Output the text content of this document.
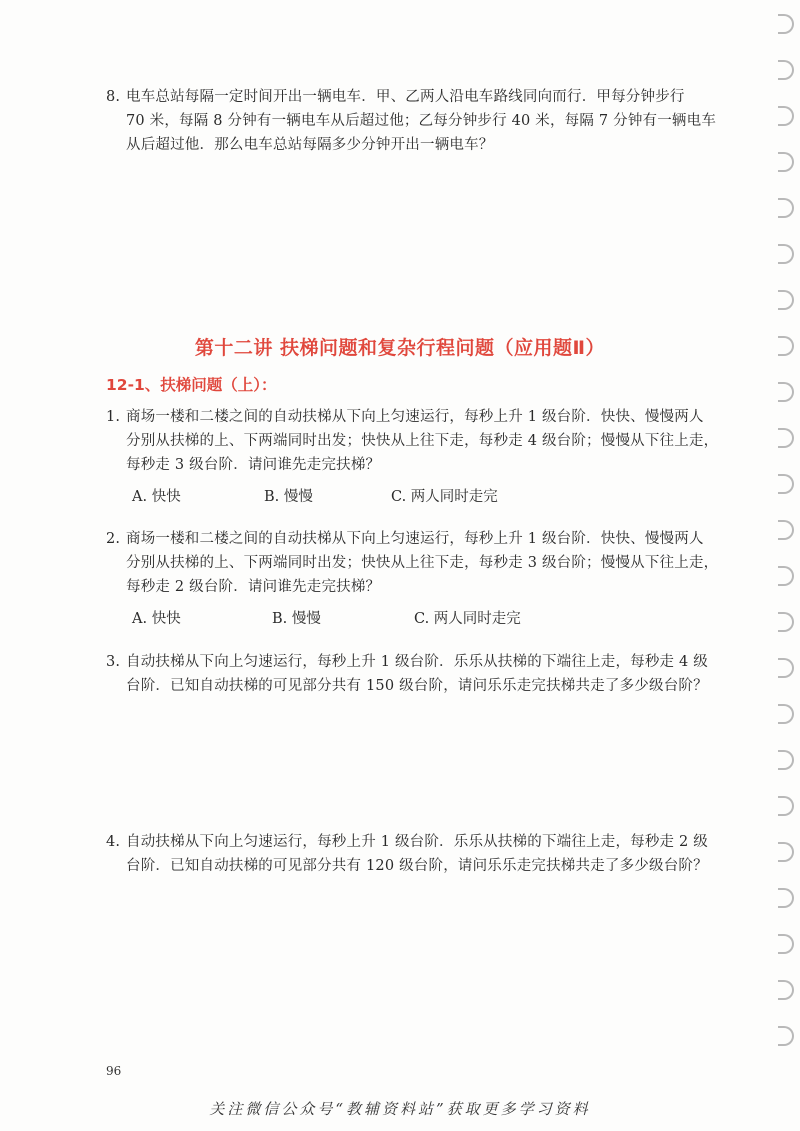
8. 电车总站每隔一定时间开出一辆电车．甲、乙两人沿电车路线同向而行．甲每分钟步行
70 米，每隔 8 分钟有一辆电车从后超过他；乙每分钟步行 40 米，每隔 7 分钟有一辆电车
从后超过他．那么电车总站每隔多少分钟开出一辆电车？
第十二讲 扶梯问题和复杂行程问题（应用题Ⅱ）
12-1、扶梯问题（上）：
1. 商场一楼和二楼之间的自动扶梯从下向上匀速运行，每秒上升 1 级台阶．快快、慢慢两人
分别从扶梯的上、下两端同时出发；快快从上往下走，每秒走 4 级台阶；慢慢从下往上走，
每秒走 3 级台阶．请问谁先走完扶梯？
A. 快快	B. 慢慢	C. 两人同时走完
2. 商场一楼和二楼之间的自动扶梯从下向上匀速运行，每秒上升 1 级台阶．快快、慢慢两人
分别从扶梯的上、下两端同时出发；快快从上往下走，每秒走 3 级台阶；慢慢从下往上走，
每秒走 2 级台阶．请问谁先走完扶梯？
A. 快快	B. 慢慢	C. 两人同时走完
3. 自动扶梯从下向上匀速运行，每秒上升 1 级台阶．乐乐从扶梯的下端往上走，每秒走 4 级
台阶．已知自动扶梯的可见部分共有 150 级台阶，请问乐乐走完扶梯共走了多少级台阶？
4. 自动扶梯从下向上匀速运行，每秒上升 1 级台阶．乐乐从扶梯的下端往上走，每秒走 2 级
台阶．已知自动扶梯的可见部分共有 120 级台阶，请问乐乐走完扶梯共走了多少级台阶？
96
关注微信公众号“教辅资料站”获取更多学习资料
